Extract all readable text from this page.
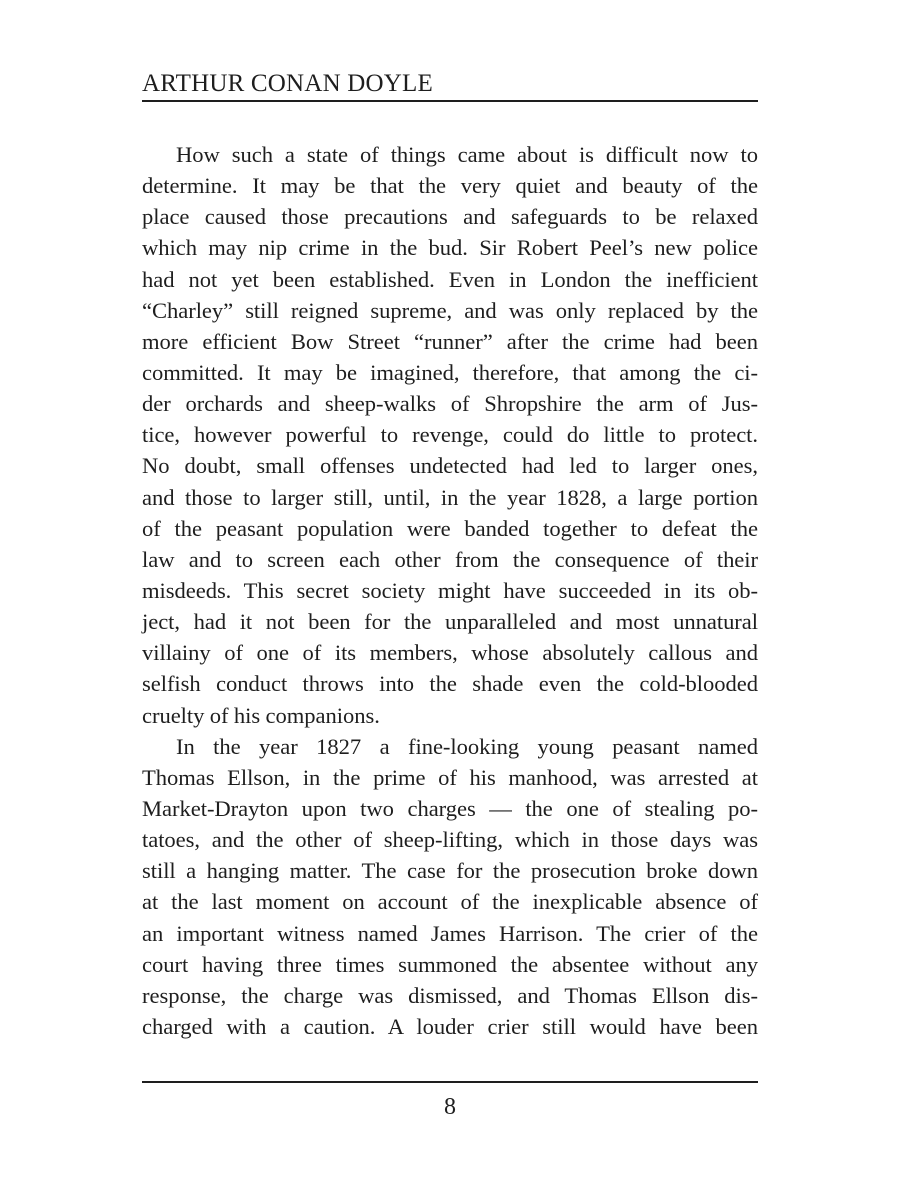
ARTHUR CONAN DOYLE
How such a state of things came about is difficult now to
determine. It may be that the very quiet and beauty of the
place caused those precautions and safeguards to be relaxed
which may nip crime in the bud. Sir Robert Peel’s new police
had not yet been established. Even in London the inefficient
“Charley” still reigned supreme, and was only replaced by the
more efficient Bow Street “runner” after the crime had been
committed. It may be imagined, therefore, that among the ci-
der orchards and sheep-walks of Shropshire the arm of Jus-
tice, however powerful to revenge, could do little to protect.
No doubt, small offenses undetected had led to larger ones,
and those to larger still, until, in the year 1828, a large portion
of the peasant population were banded together to defeat the
law and to screen each other from the consequence of their
misdeeds. This secret society might have succeeded in its ob-
ject, had it not been for the unparalleled and most unnatural
villainy of one of its members, whose absolutely callous and
selfish conduct throws into the shade even the cold-blooded
cruelty of his companions.
In the year 1827 a fine-looking young peasant named
Thomas Ellson, in the prime of his manhood, was arrested at
Market-Drayton upon two charges — the one of stealing po-
tatoes, and the other of sheep-lifting, which in those days was
still a hanging matter. The case for the prosecution broke down
at the last moment on account of the inexplicable absence of
an important witness named James Harrison. The crier of the
court having three times summoned the absentee without any
response, the charge was dismissed, and Thomas Ellson dis-
charged with a caution. A louder crier still would have been
8
